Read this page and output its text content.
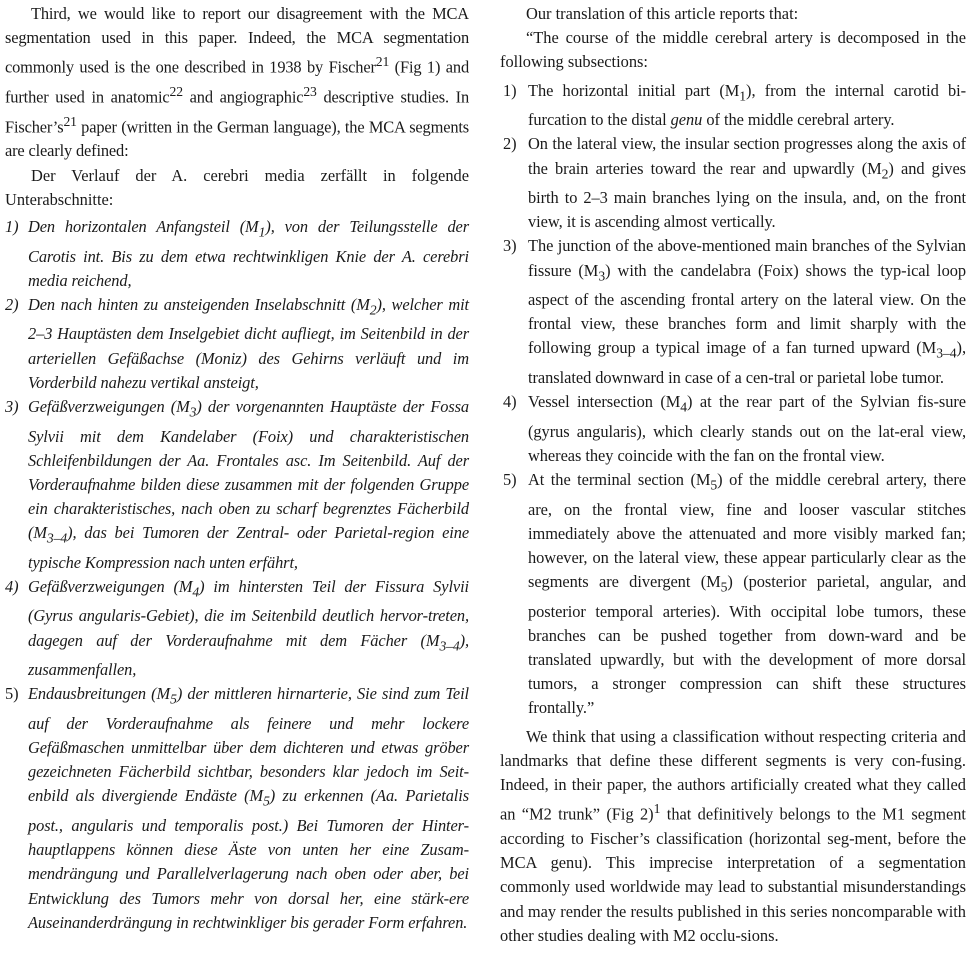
Third, we would like to report our disagreement with the MCA segmentation used in this paper. Indeed, the MCA segmentation commonly used is the one described in 1938 by Fischer$^{21}$ (Fig 1) and further used in anatomic$^{22}$ and angiographic$^{23}$ descriptive studies. In $Fischer’s^{21}$ paper (written in the German language), the MCA segments are clearly defined:

Der Verlauf der A. cerebri media zerfällt in folgende Unterabschnitte:

1) Den horizontalen Anfangsteil $(M_1)$, von der Teilungsstelle der Carotis int. Bis zu dem etwa rechtwinkligen Knie der A. cerebri media reichend,
2) Den nach hinten zu ansteigenden Inselabschnitt $(M_2)$, welcher mit 2–3 Hauptästen dem Inselgebiet dicht aufliegt, im Seitenbild in der arteriellen Gefäßachse (Moniz) des Gehirns verläuft und im Vorderbild nahezu vertikal ansteigt,
3) Gefäßverzweigungen $(M_3)$ der vorgenannten Hauptäste der Fossa Sylvii mit dem Kandelaber (Foix) und charakteristischen Schleifenbildungen der Aa. Frontales asc. Im Seitenbild. Auf der Vorderaufnahme bilden diese zusammen mit der folgenden Gruppe ein charakteristisches, nach oben zu scharf begrenztes Fächerbild $(M_{3-4})$, das bei Tumoren der Zentral- oder Parietal-region eine typische Kompression nach unten erfährt,
4) Gefäßverzweigungen $(M_4)$ im hintersten Teil der Fissura Sylvii (Gyrus angularis-Gebiet), die im Seitenbild deutlich hervor-treten, dagegen auf der Vorderaufnahme mit dem Fächer $(M_{3-4})$, zusammenfallen,
5) Endausbreitungen $(M_5)$ der mittleren hirnarterie, Sie sind zum Teil auf der Vorderaufnahme als feinere und mehr lockere Gefäßmaschen unmittelbar über dem dichteren und etwas gröber gezeichneten Fächerbild sichtbar, besonders klar jedoch im Seit-enbild als divergiende Endäste $(M_5)$ zu erkennen (Aa. Parietalis post., angularis und temporalis post.) Bei Tumoren der Hinter-hauptlappens können diese Äste von unten her eine Zusam-mendrängung und Parallelverlagerung nach oben oder aber, bei Entwicklung des Tumors mehr von dorsal her, eine stärk-ere Auseinanderdrängung in rechtwinkliger bis gerader Form erfahren.

Our translation of this article reports that:

“The course of the middle cerebral artery is decomposed in the following subsections:

1) The horizontal initial part $(M_1)$, from the internal carotid bi-furcation to the distal genu of the middle cerebral artery.
2) On the lateral view, the insular section progresses along the axis of the brain arteries toward the rear and upwardly $(M_2)$ and gives birth to 2–3 main branches lying on the insula, and, on the front view, it is ascending almost vertically.
3) The junction of the above-mentioned main branches of the Sylvian fissure $(M_3)$ with the candelabra (Foix) shows the typ-ical loop aspect of the ascending frontal artery on the lateral view. On the frontal view, these branches form and limit sharply with the following group a typical image of a fan turned upward $(M_{3-4})$, translated downward in case of a cen-tral or parietal lobe tumor.
4) Vessel intersection $(M_4)$ at the rear part of the Sylvian fis-sure (gyrus angularis), which clearly stands out on the lat-eral view, whereas they coincide with the fan on the frontal view.
5) At the terminal section $(M_5)$ of the middle cerebral artery, there are, on the frontal view, fine and looser vascular stitches immediately above the attenuated and more visibly marked fan; however, on the lateral view, these appear particularly clear as the segments are divergent $(M_5)$ (posterior parietal, angular, and posterior temporal arteries). With occipital lobe tumors, these branches can be pushed together from down-ward and be translated upwardly, but with the development of more dorsal tumors, a stronger compression can shift these structures frontally.”

We think that using a classification without respecting criteria and landmarks that define these different segments is very con-fusing. Indeed, in their paper, the authors artificially created what they called an “M2 trunk” (Fig 2)$^1$ that definitively belongs to the M1 segment according to Fischer’s classification (horizontal seg-ment, before the MCA genu). This imprecise interpretation of a segmentation commonly used worldwide may lead to substantial misunderstandings and may render the results published in this series noncomparable with other studies dealing with M2 occlu-sions.
